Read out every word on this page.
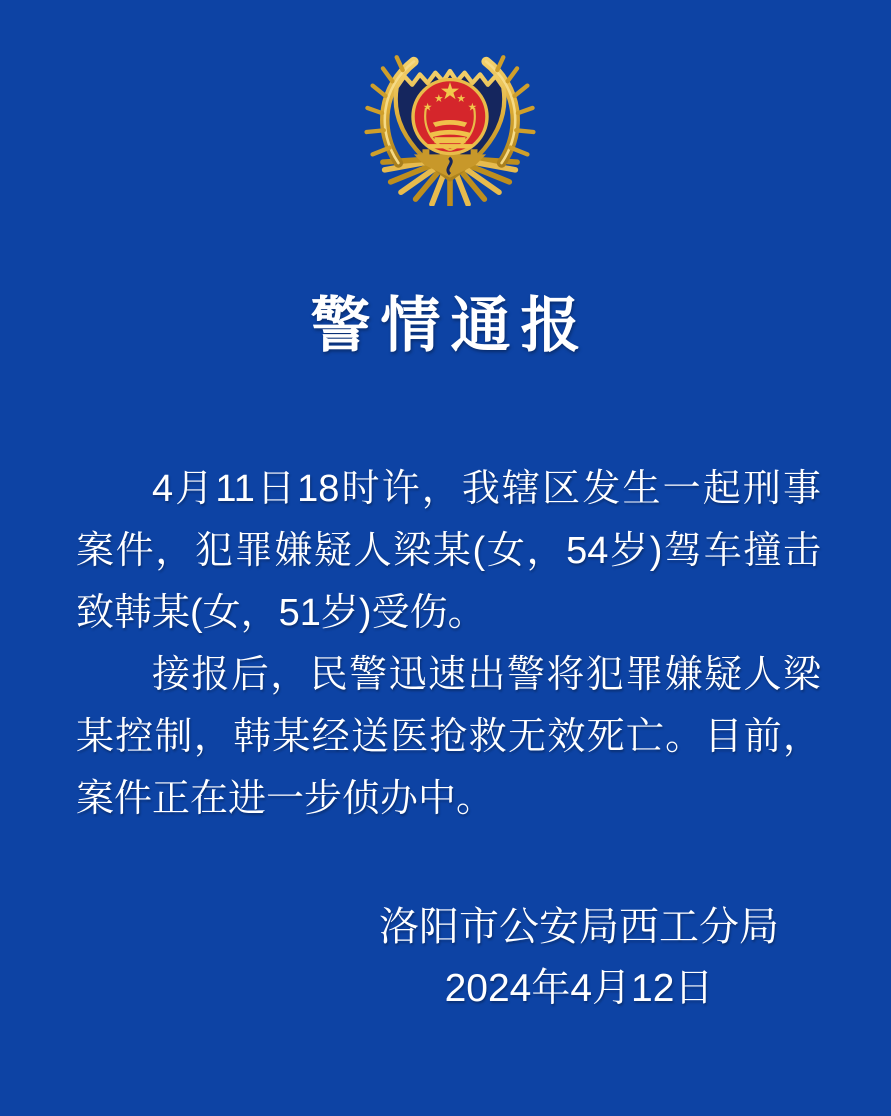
警情通报

4月11日18时许，我辖区发生一起刑事案件，犯罪嫌疑人梁某(女，54岁)驾车撞击致韩某(女，51岁)受伤。

接报后，民警迅速出警将犯罪嫌疑人梁某控制，韩某经送医抢救无效死亡。目前，案件正在进一步侦办中。

洛阳市公安局西工分局
2024年4月12日
